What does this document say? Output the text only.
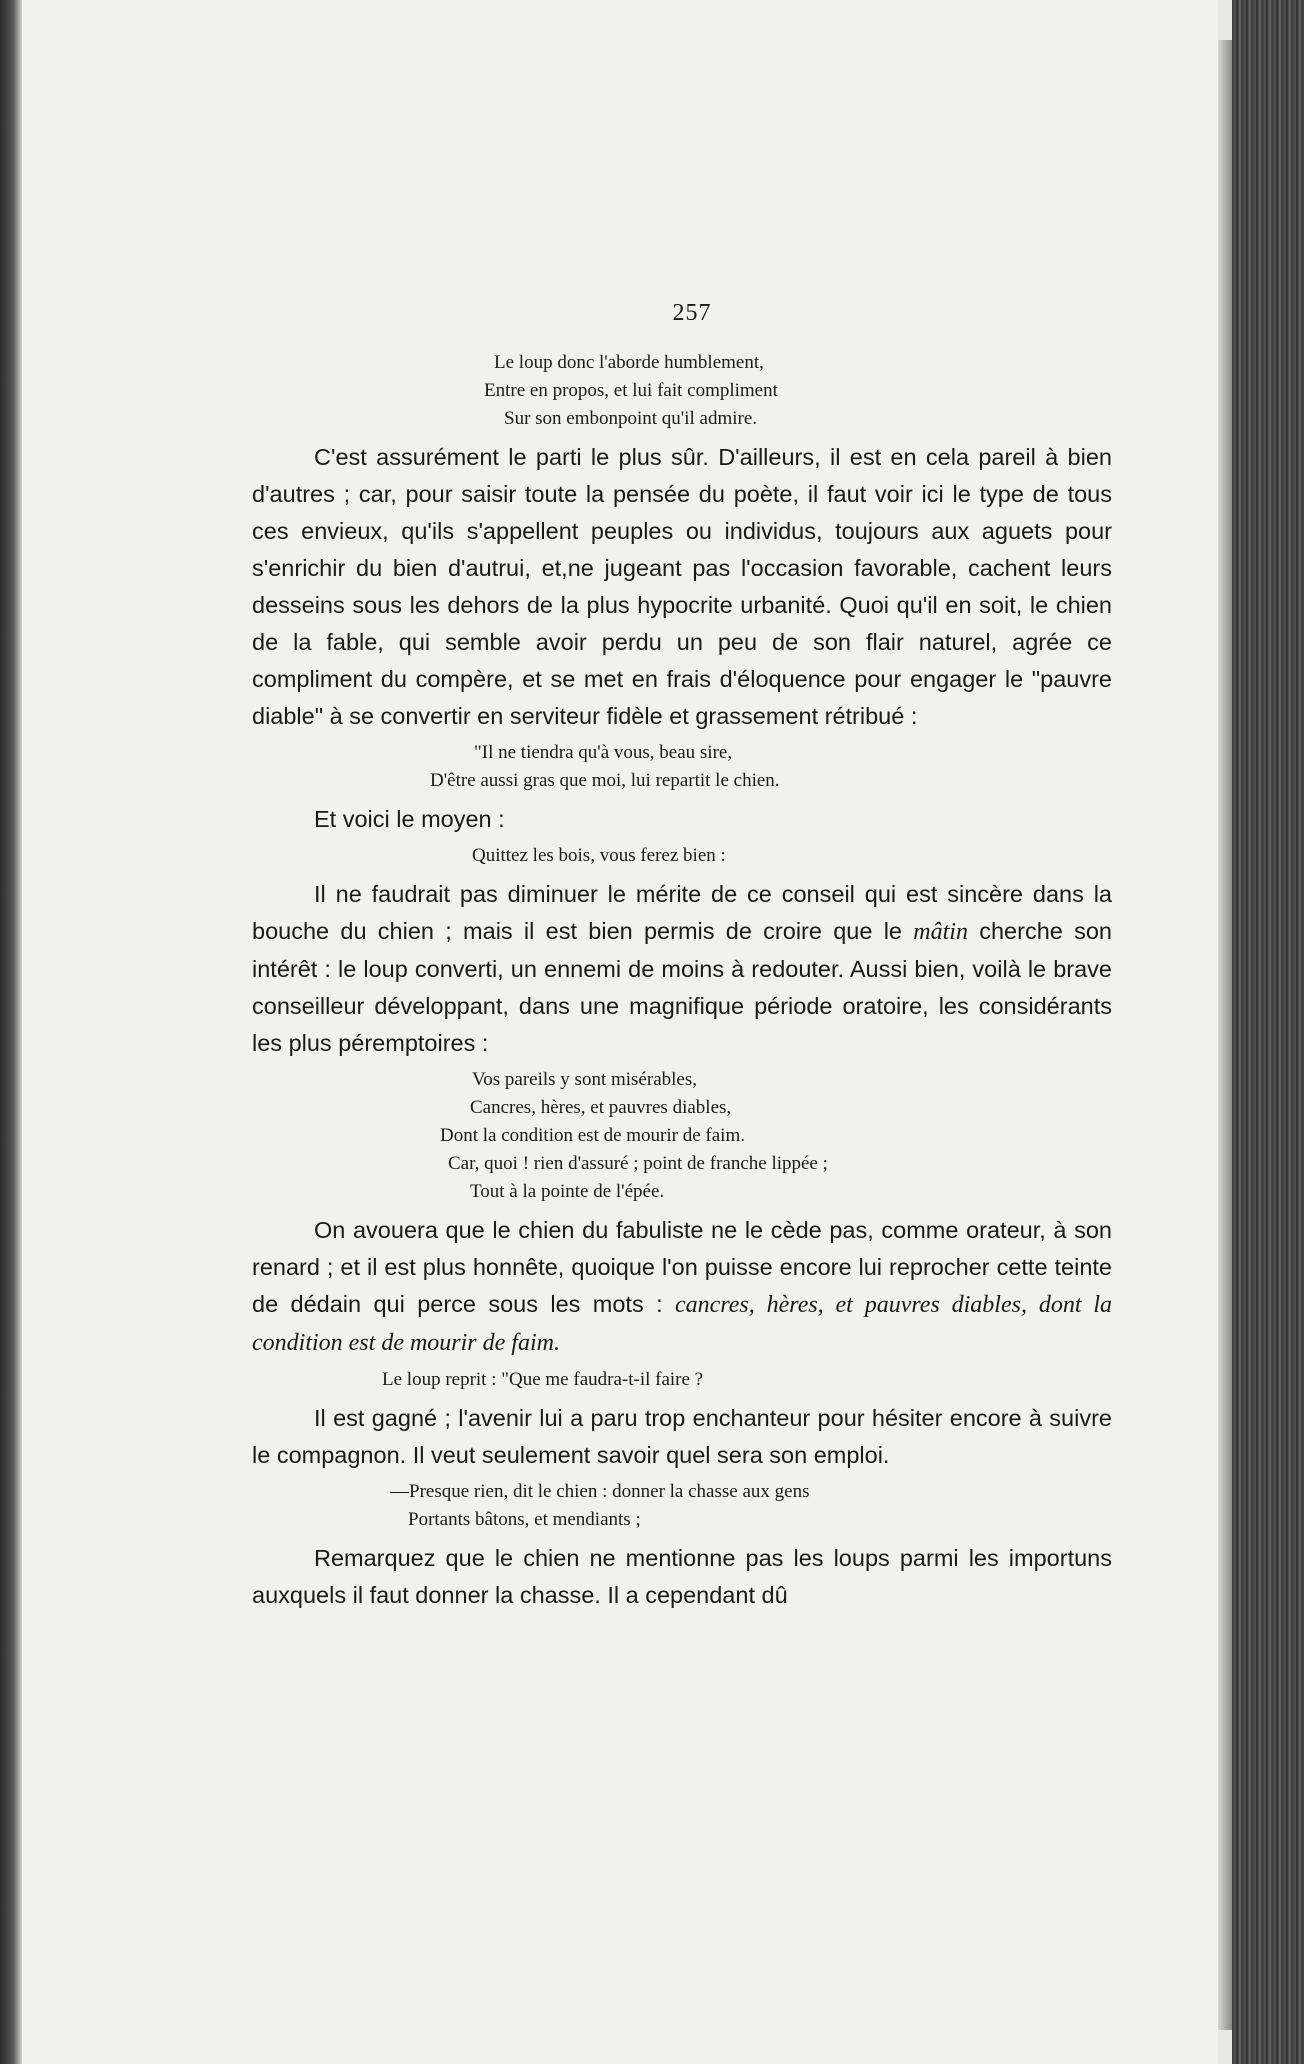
257
Le loup donc l'aborde humblement,
Entre en propos, et lui fait compliment
Sur son embonpoint qu'il admire.

C'est assurément le parti le plus sûr. D'ailleurs, il est en cela pareil à bien d'autres ; car, pour saisir toute la pensée du poète, il faut voir ici le type de tous ces envieux, qu'ils s'appellent peuples ou individus, toujours aux aguets pour s'enrichir du bien d'autrui, et,ne jugeant pas l'occasion favorable, cachent leurs desseins sous les dehors de la plus hypocrite urbanité. Quoi qu'il en soit, le chien de la fable, qui semble avoir perdu un peu de son flair naturel, agrée ce compliment du compère, et se met en frais d'éloquence pour engager le "pauvre diable" à se convertir en serviteur fidèle et grassement rétribué :

"Il ne tiendra qu'à vous, beau sire,
D'être aussi gras que moi, lui repartit le chien.

Et voici le moyen :

Quittez les bois, vous ferez bien :

Il ne faudrait pas diminuer le mérite de ce conseil qui est sincère dans la bouche du chien ; mais il est bien permis de croire que le mâtin cherche son intérêt : le loup converti, un ennemi de moins à redouter. Aussi bien, voilà le brave conseilleur développant, dans une magnifique période oratoire, les considérants les plus péremptoires :

Vos pareils y sont misérables,
Cancres, hères, et pauvres diables,
Dont la condition est de mourir de faim.
Car, quoi ! rien d'assuré ; point de franche lippée ;
Tout à la pointe de l'épée.

On avouera que le chien du fabuliste ne le cède pas, comme orateur, à son renard ; et il est plus honnête, quoique l'on puisse encore lui reprocher cette teinte de dédain qui perce sous les mots : cancres, hères, et pauvres diables, dont la condition est de mourir de faim.

Le loup reprit : "Que me faudra-t-il faire ?

Il est gagné ; l'avenir lui a paru trop enchanteur pour hésiter encore à suivre le compagnon. Il veut seulement savoir quel sera son emploi.

—Presque rien, dit le chien : donner la chasse aux gens
Portants bâtons, et mendiants ;

Remarquez que le chien ne mentionne pas les loups parmi les importuns auxquels il faut donner la chasse. Il a cependant dû
